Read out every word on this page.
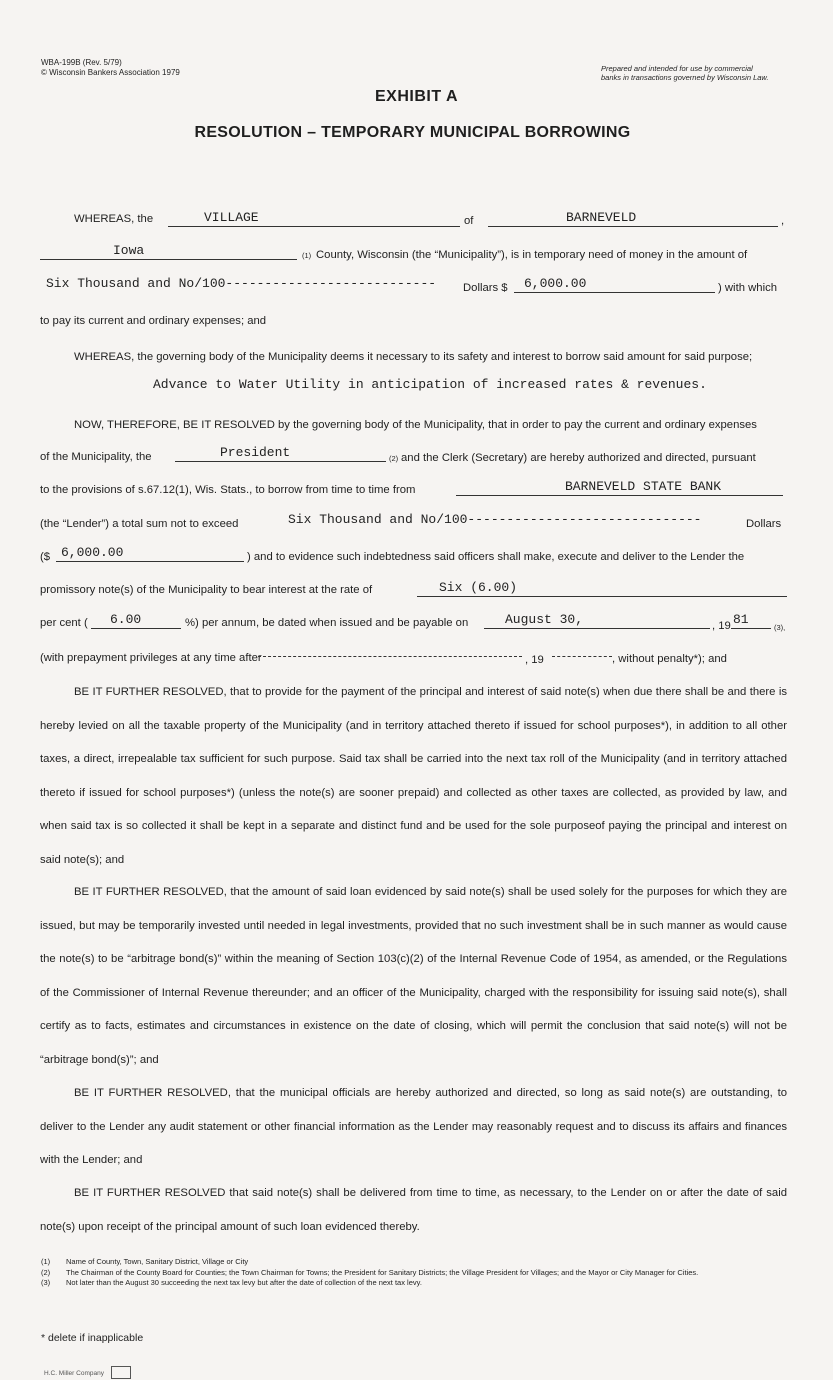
WBA-199B (Rev. 5/79)
© Wisconsin Bankers Association 1979	Prepared and intended for use by commercial
banks in transactions governed by Wisconsin Law.
EXHIBIT A
RESOLUTION – TEMPORARY MUNICIPAL BORROWING
WHEREAS, the	VILLAGE	of	BARNEVELD	,
Iowa	(1) County, Wisconsin (the “Municipality”), is in temporary need of money in the amount of
Six Thousand and No/100--------------------------- Dollars $ 6,000.00	) with which
to pay its current and ordinary expenses; and
WHEREAS, the governing body of the Municipality deems it necessary to its safety and interest to borrow said amount for said purpose;
Advance to Water Utility in anticipation of increased rates & revenues.
NOW, THEREFORE, BE IT RESOLVED by the governing body of the Municipality, that in order to pay the current and ordinary expenses
of the Municipality, the	President	(2) and the Clerk (Secretary) are hereby authorized and directed, pursuant
to the provisions of s.67.12(1), Wis. Stats., to borrow from time to time from	BARNEVELD STATE BANK
(the “Lender”) a total sum not to exceed	Six Thousand and No/100------------------------------	Dollars
($ 6,000.00	) and to evidence such indebtedness said officers shall make, execute and deliver to the Lender the
promissory note(s) of the Municipality to bear interest at the rate of	Six (6.00)
per cent ( 6.00	%) per annum, be dated when issued and be payable on	August 30,	, 19 81
(3),
(with prepayment privileges at any time after	, 19	, without penalty*); and

BE IT FURTHER RESOLVED, that to provide for the payment of the principal and interest of said note(s) when due there shall be and there is hereby levied on all the taxable property of the Municipality (and in territory attached thereto if issued for school purposes*), in addition to all other taxes, a direct, irrepealable tax sufficient for such purpose. Said tax shall be carried into the next tax roll of the Municipality (and in territory attached thereto if issued for school purposes*) (unless the note(s) are sooner prepaid) and collected as other taxes are collected, as provided by law, and when said tax is so collected it shall be kept in a separate and distinct fund and be used for the sole purposeof paying the principal and interest on said note(s); and

BE IT FURTHER RESOLVED, that the amount of said loan evidenced by said note(s) shall be used solely for the purposes for which they are issued, but may be temporarily invested until needed in legal investments, provided that no such investment shall be in such manner as would cause the note(s) to be “arbitrage bond(s)” within the meaning of Section 103(c)(2) of the Internal Revenue Code of 1954, as amended, or the Regulations of the Commissioner of Internal Revenue thereunder; and an officer of the Municipality, charged with the responsibility for issuing said note(s), shall certify as to facts, estimates and circumstances in existence on the date of closing, which will permit the conclusion that said note(s) will not be “arbitrage bond(s)”; and

BE IT FURTHER RESOLVED, that the municipal officials are hereby authorized and directed, so long as said note(s) are outstanding, to deliver to the Lender any audit statement or other financial information as the Lender may reasonably request and to discuss its affairs and finances with the Lender; and

BE IT FURTHER RESOLVED that said note(s) shall be delivered from time to time, as necessary, to the Lender on or after the date of said note(s) upon receipt of the principal amount of such loan evidenced thereby.

(1)	Name of County, Town, Sanitary District, Village or City
(2)	The Chairman of the County Board for Counties; the Town Chairman for Towns; the President for Sanitary Districts; the Village President for Villages; and the Mayor or City Manager for Cities.
(3)	Not later than the August 30 succeeding the next tax levy but after the date of collection of the next tax levy.
* delete if inapplicable
H.C. Miller Company
